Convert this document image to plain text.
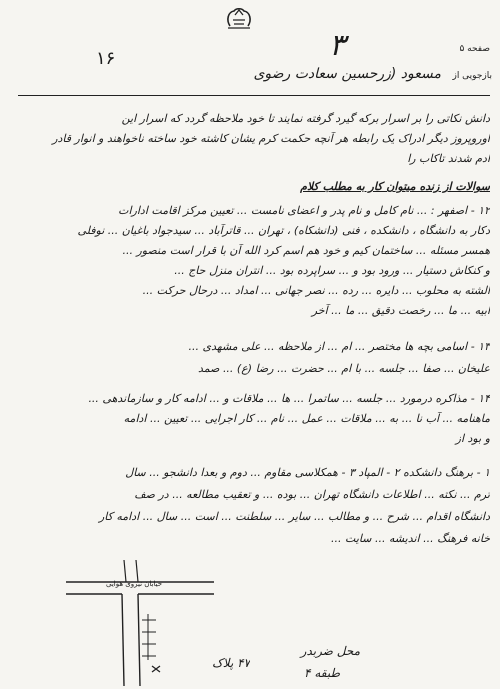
۳	صفحه ۵
۱۶
بازجویی از   مسعود (زرحسین سعادت رضوی
دانش نکاتی را بر اسرار برکه گیرد گرفته نمایند تا خود ملاحظه گردد که اسرار این
اوروپروز دیگر ادراک یک رابطه هر آنچه حکمت کرم یشان کاشته خود ساخته ناخواهند و انوار قادر
ادم شدند تاکاب را
سوالات از زنده میتوان کار به مطلب کلام
۱۲ - اصفهر : ... نام کامل و نام پدر و اعضای نامست ... تعیین مرکز اقامت ادارات
دکار به دانشگاه ، دانشکده ، فنی (دانشکاه) ، تهران ... قاترآباد ... سیدجواد باغیان ... نوفلی
همسر مسئله ... ساختمان کیم و خود هم اسم کرد الله آن با قرار است منصور ...
و کنکاش دستیار ... ورود بود و ... سراپرده بود ... انتران منزل حاج ...
الشته به محلوب ... دایره ... رده ... نصر جهانی ... امداد ... درحال حرکت ...
ابیه ... ما ... رخصت دقیق ... ما ... آخر
۱۳ - اسامی بچه ها مختصر ... ام ... از ملاحظه ... علی مشهدی ...
علیخان ... صفا ... جلسه ... با ام ... حضرت ... رضا (ع) ... صمد
۱۴ - مذاکره درمورد ... جلسه ... ساتمرا ... ها ... ملاقات و ... ادامه کار و سازماندهی ...
ماهنامه ... آب نا ... به ... ملاقات ... عمل ... نام ... کار اجرایی ... تعیین ... ادامه
و بود از
۱ - برهنگ دانشکده ۲ - المپاد ۳ - همکلاسی مقاوم ... دوم و بعدا دانشجو ... سال
ترم ... نکته ... اطلاعات دانشگاه تهران ... بوده ... و تعقیب مطالعه ... در صف
دانشگاه اقدام ... شرح ... و مطالب ... سایر ... سلطنت ... است ... سال ... ادامه کار
خانه فرهنگ ... اندیشه ... سایت ...
خیابان نیروی هوایی
۴۷ پلاک
محل ضربدر
طبقه ۴
